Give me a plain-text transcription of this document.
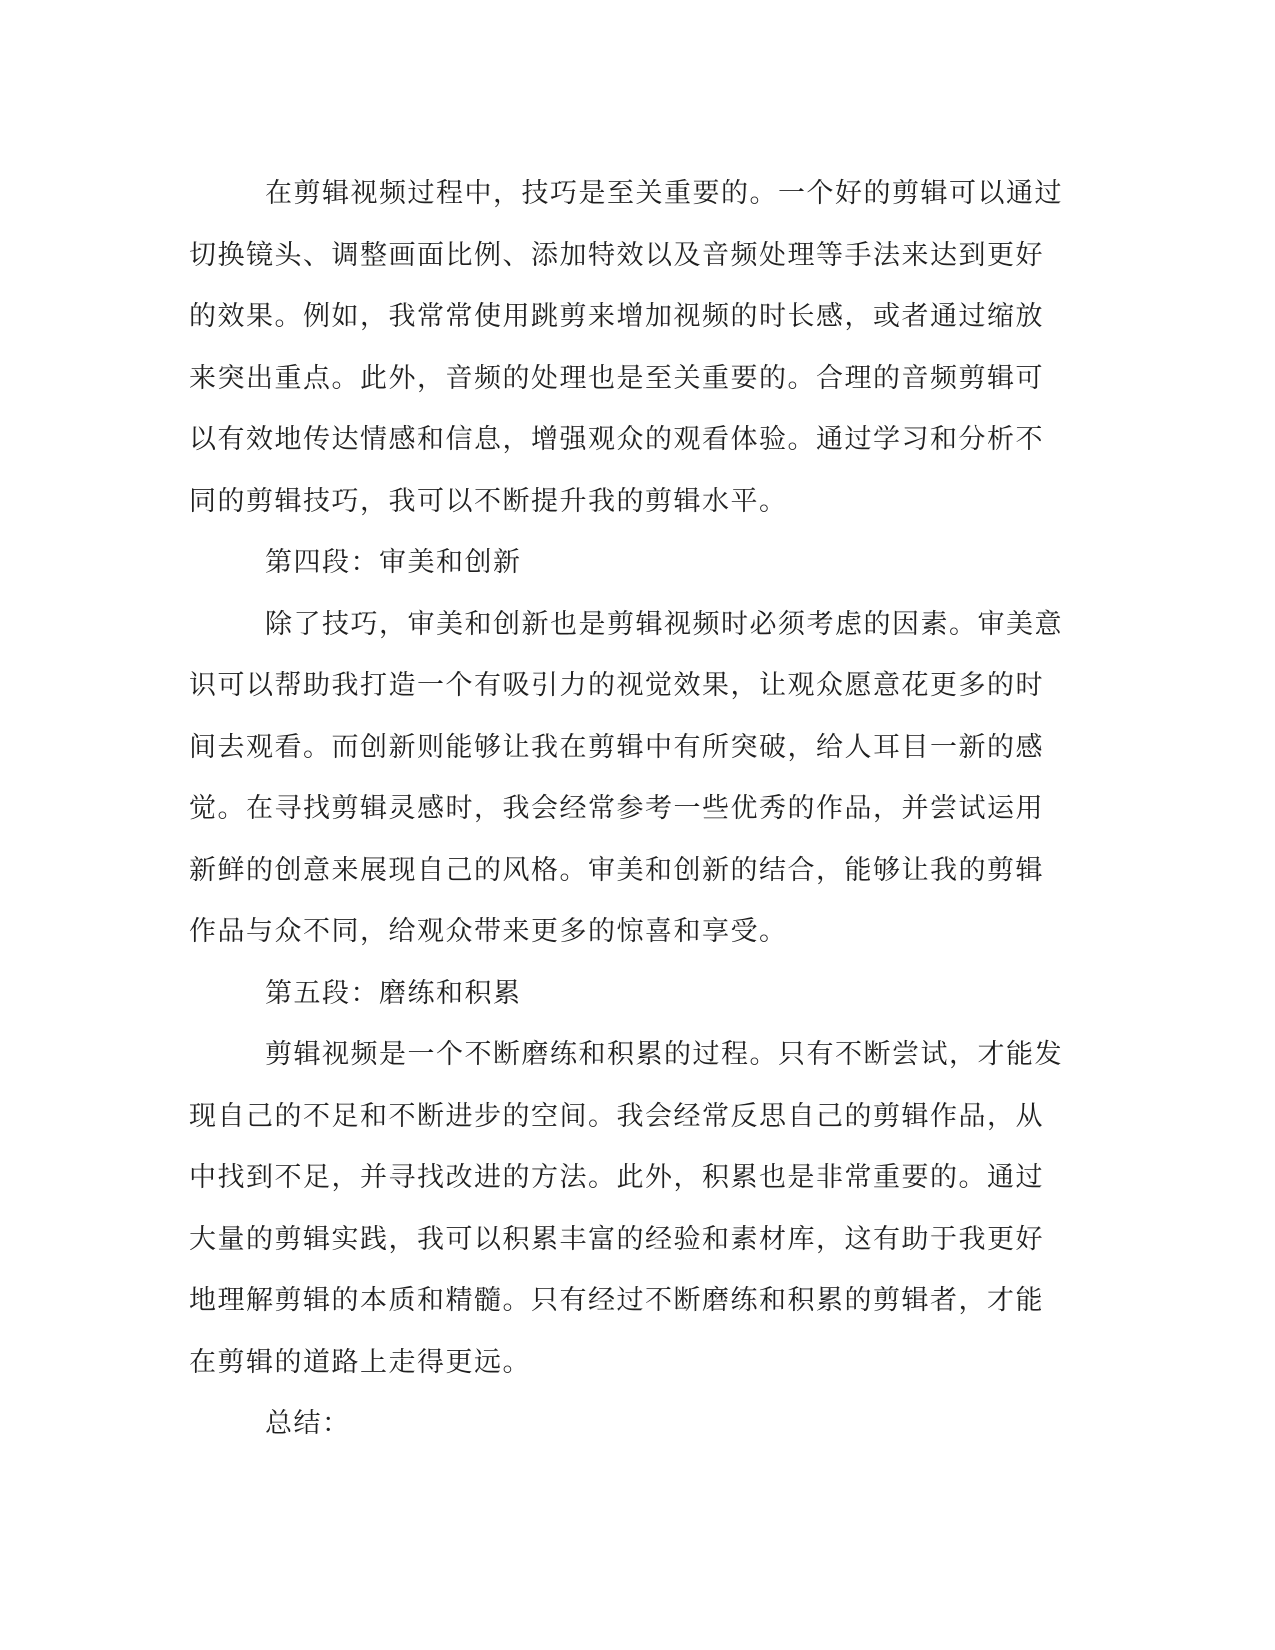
在剪辑视频过程中，技巧是至关重要的。一个好的剪辑可以通过切换镜头、调整画面比例、添加特效以及音频处理等手法来达到更好的效果。例如，我常常使用跳剪来增加视频的时长感，或者通过缩放来突出重点。此外，音频的处理也是至关重要的。合理的音频剪辑可以有效地传达情感和信息，增强观众的观看体验。通过学习和分析不同的剪辑技巧，我可以不断提升我的剪辑水平。

第四段：审美和创新

除了技巧，审美和创新也是剪辑视频时必须考虑的因素。审美意识可以帮助我打造一个有吸引力的视觉效果，让观众愿意花更多的时间去观看。而创新则能够让我在剪辑中有所突破，给人耳目一新的感觉。在寻找剪辑灵感时，我会经常参考一些优秀的作品，并尝试运用新鲜的创意来展现自己的风格。审美和创新的结合，能够让我的剪辑作品与众不同，给观众带来更多的惊喜和享受。

第五段：磨练和积累

剪辑视频是一个不断磨练和积累的过程。只有不断尝试，才能发现自己的不足和不断进步的空间。我会经常反思自己的剪辑作品，从中找到不足，并寻找改进的方法。此外，积累也是非常重要的。通过大量的剪辑实践，我可以积累丰富的经验和素材库，这有助于我更好地理解剪辑的本质和精髓。只有经过不断磨练和积累的剪辑者，才能在剪辑的道路上走得更远。

总结：
